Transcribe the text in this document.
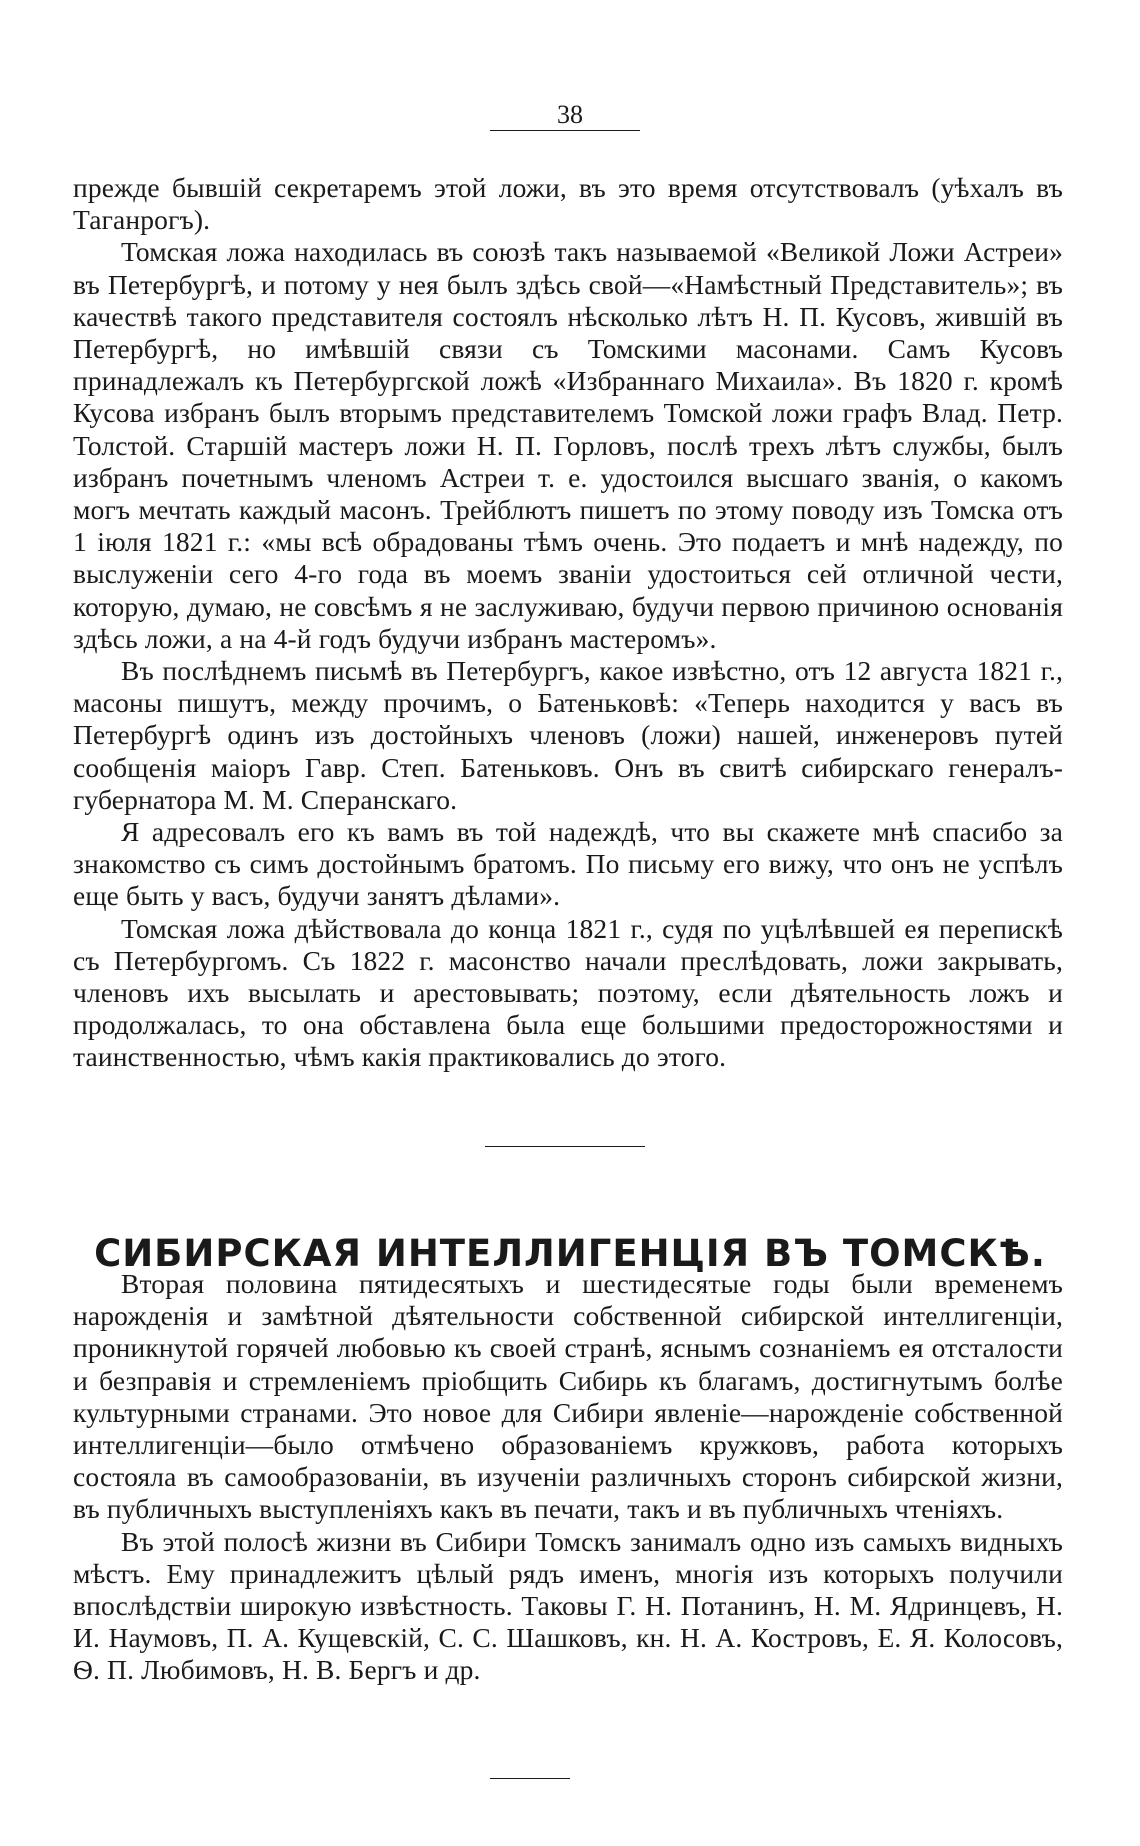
38

прежде бывшій секретаремъ этой ложи, въ это время отсутствовалъ (уѣхалъ въ Таганрогъ).

Томская ложа находилась въ союзѣ такъ называемой «Великой Ложи Астреи» въ Петербургѣ, и потому у нея былъ здѣсь свой—«Намѣстный Представитель»; въ качествѣ такого представителя состоялъ нѣсколько лѣтъ Н. П. Кусовъ, жившій въ Петербургѣ, но имѣвшій связи съ Томскими масонами. Самъ Кусовъ принадлежалъ къ Петербургской ложѣ «Избраннаго Михаила». Въ 1820 г. кромѣ Кусова избранъ былъ вторымъ представителемъ Томской ложи графъ Влад. Петр. Толстой. Старшій мастеръ ложи Н. П. Горловъ, послѣ трехъ лѣтъ службы, былъ избранъ почетнымъ членомъ Астреи т. е. удостоился высшаго званія, о какомъ могъ мечтать каждый масонъ. Трейблютъ пишетъ по этому поводу изъ Томска отъ 1 іюля 1821 г.: «мы всѣ обрадованы тѣмъ очень. Это подаетъ и мнѣ надежду, по выслуженіи сего 4-го года въ моемъ званіи удостоиться сей отличной чести, которую, думаю, не совсѣмъ я не заслуживаю, будучи первою причиною основанія здѣсь ложи, а на 4-й годъ будучи избранъ мастеромъ».

Въ послѣднемъ письмѣ въ Петербургъ, какое извѣстно, отъ 12 августа 1821 г., масоны пишутъ, между прочимъ, о Батеньковѣ: «Теперь находится у васъ въ Петербургѣ одинъ изъ достойныхъ членовъ (ложи) нашей, инженеровъ путей сообщенія маіоръ Гавр. Степ. Батеньковъ. Онъ въ свитѣ сибирскаго генералъ-губернатора М. М. Сперанскаго.

Я адресовалъ его къ вамъ въ той надеждѣ, что вы скажете мнѣ спасибо за знакомство съ симъ достойнымъ братомъ. По письму его вижу, что онъ не успѣлъ еще быть у васъ, будучи занятъ дѣлами».

Томская ложа дѣйствовала до конца 1821 г., судя по уцѣлѣвшей ея перепискѣ съ Петербургомъ. Съ 1822 г. масонство начали преслѣдовать, ложи закрывать, членовъ ихъ высылать и арестовывать; поэтому, если дѣятельность ложъ и продолжалась, то она обставлена была еще большими предосторожностями и таинственностью, чѣмъ какія практиковались до этого.

СИБИРСКАЯ ИНТЕЛЛИГЕНЦІЯ ВЪ ТОМСКѢ.

Вторая половина пятидесятыхъ и шестидесятые годы были временемъ нарожденія и замѣтной дѣятельности собственной сибирской интеллигенціи, проникнутой горячей любовью къ своей странѣ, яснымъ сознаніемъ ея отсталости и безправія и стремленіемъ пріобщить Сибирь къ благамъ, достигнутымъ болѣе культурными странами. Это новое для Сибири явленіе—нарожденіе собственной интеллигенціи—было отмѣчено образованіемъ кружковъ, работа которыхъ состояла въ самообразованіи, въ изученіи различныхъ сторонъ сибирской жизни, въ публичныхъ выступленіяхъ какъ въ печати, такъ и въ публичныхъ чтеніяхъ.

Въ этой полосѣ жизни въ Сибири Томскъ занималъ одно изъ самыхъ видныхъ мѣстъ. Ему принадлежитъ цѣлый рядъ именъ, многія изъ которыхъ получили впослѣдствіи широкую извѣстность. Таковы Г. Н. Потанинъ, Н. М. Ядринцевъ, Н. И. Наумовъ, П. А. Кущевскій, С. С. Шашковъ, кн. Н. А. Костровъ, Е. Я. Колосовъ, Ѳ. П. Любимовъ, Н. В. Бергъ и др.
